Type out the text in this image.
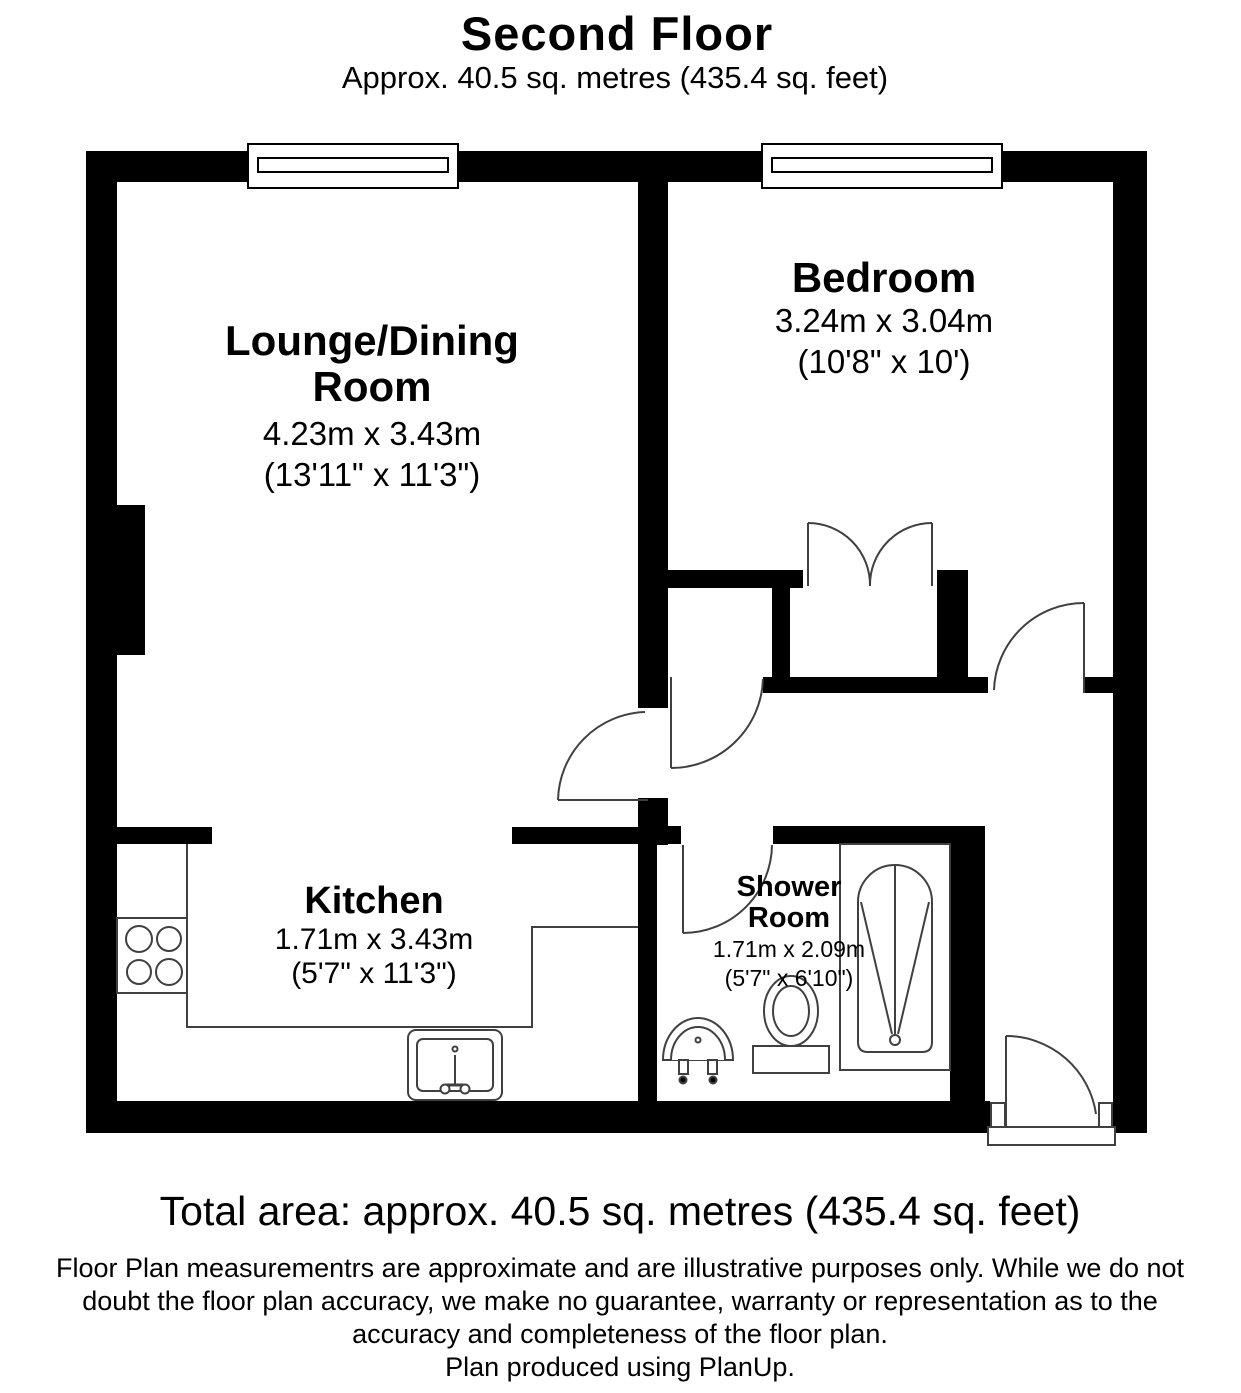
Second Floor
Approx. 40.5 sq. metres (435.4 sq. feet)
Lounge/Dining
Room
4.23m x 3.43m
(13'11" x 11'3")
Bedroom
3.24m x 3.04m
(10'8" x 10')
Kitchen
1.71m x 3.43m
(5'7" x 11'3")
Shower
Room
1.71m x 2.09m
(5'7" x 6'10")
Total area: approx. 40.5 sq. metres (435.4 sq. feet)
Floor Plan measurementrs are approximate and are illustrative purposes only. While we do not
doubt the floor plan accuracy, we make no guarantee, warranty or representation as to the
accuracy and completeness of the floor plan.
Plan produced using PlanUp.
